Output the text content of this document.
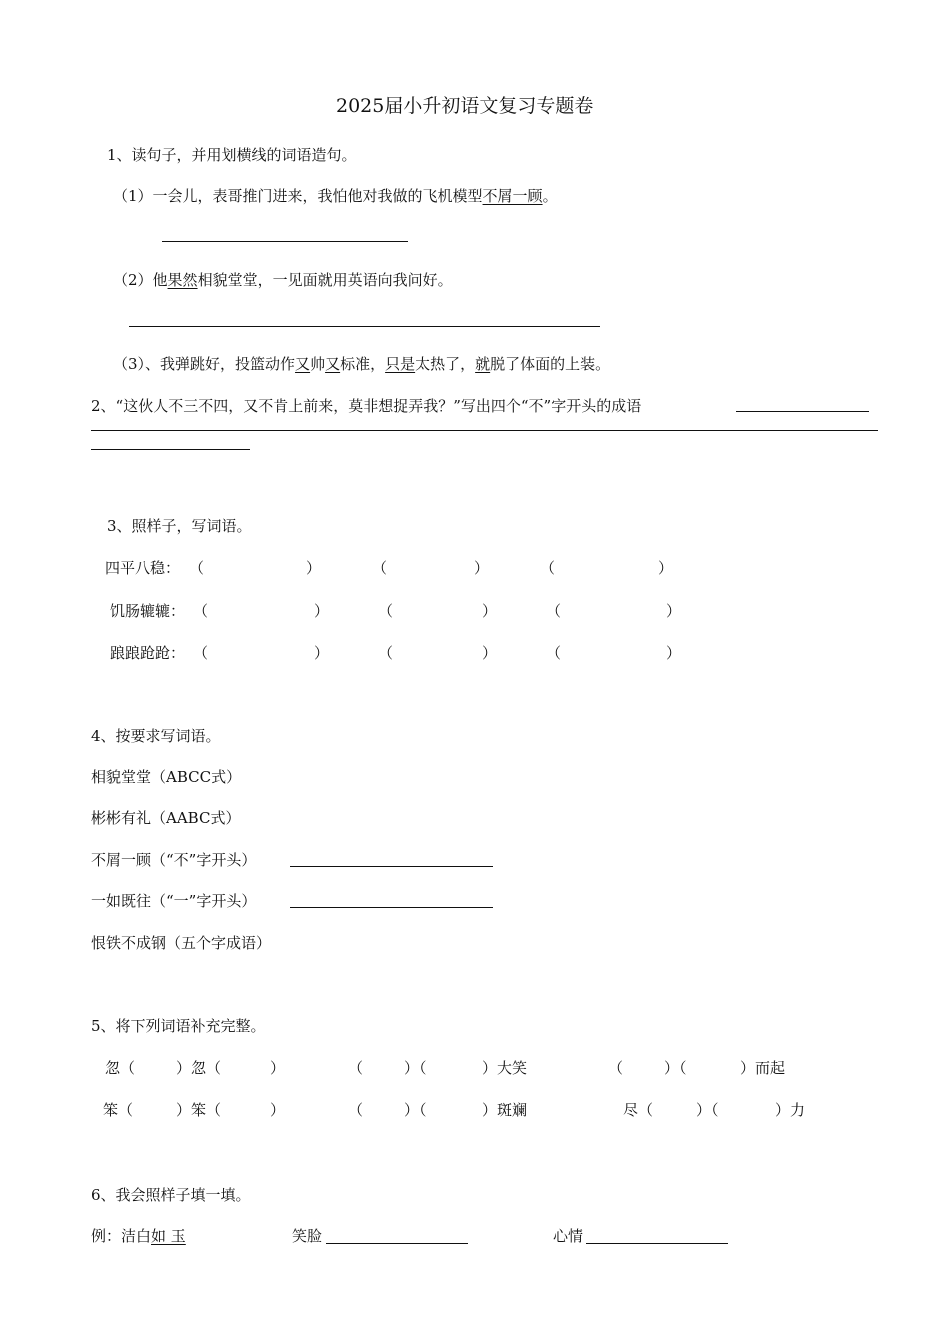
2025届小升初语文复习专题卷
1、读句子，并用划横线的词语造句。
（1）一会儿，表哥推门进来，我怕他对我做的飞机模型不屑一顾。
（2）他果然相貌堂堂，一见面就用英语向我问好。
（3）、我弹跳好，投篮动作又帅又标准，只是太热了，就脱了体面的上装。
2、“这伙人不三不四，又不肯上前来，莫非想捉弄我？”写出四个“不”字开头的成语
3、照样子，写词语。
四平八稳： （	）	（	）	（	）
饥肠辘辘： （	）	（	）	（	）
踉踉跄跄： （	）	（	）	（	）
4、按要求写词语。
相貌堂堂（ABCC式）
彬彬有礼（AABC式）
不屑一顾（“不”字开头）
一如既往（“一”字开头）
恨铁不成钢（五个字成语）
5、将下列词语补充完整。
忽（	）忽（	）	（	）（	）大笑	（	）（	）而起
笨（	）笨（	）	（	）（	）斑斓	尽（	）（	）力
6、我会照样子填一填。
例：洁白如 玉	笑脸	心情
